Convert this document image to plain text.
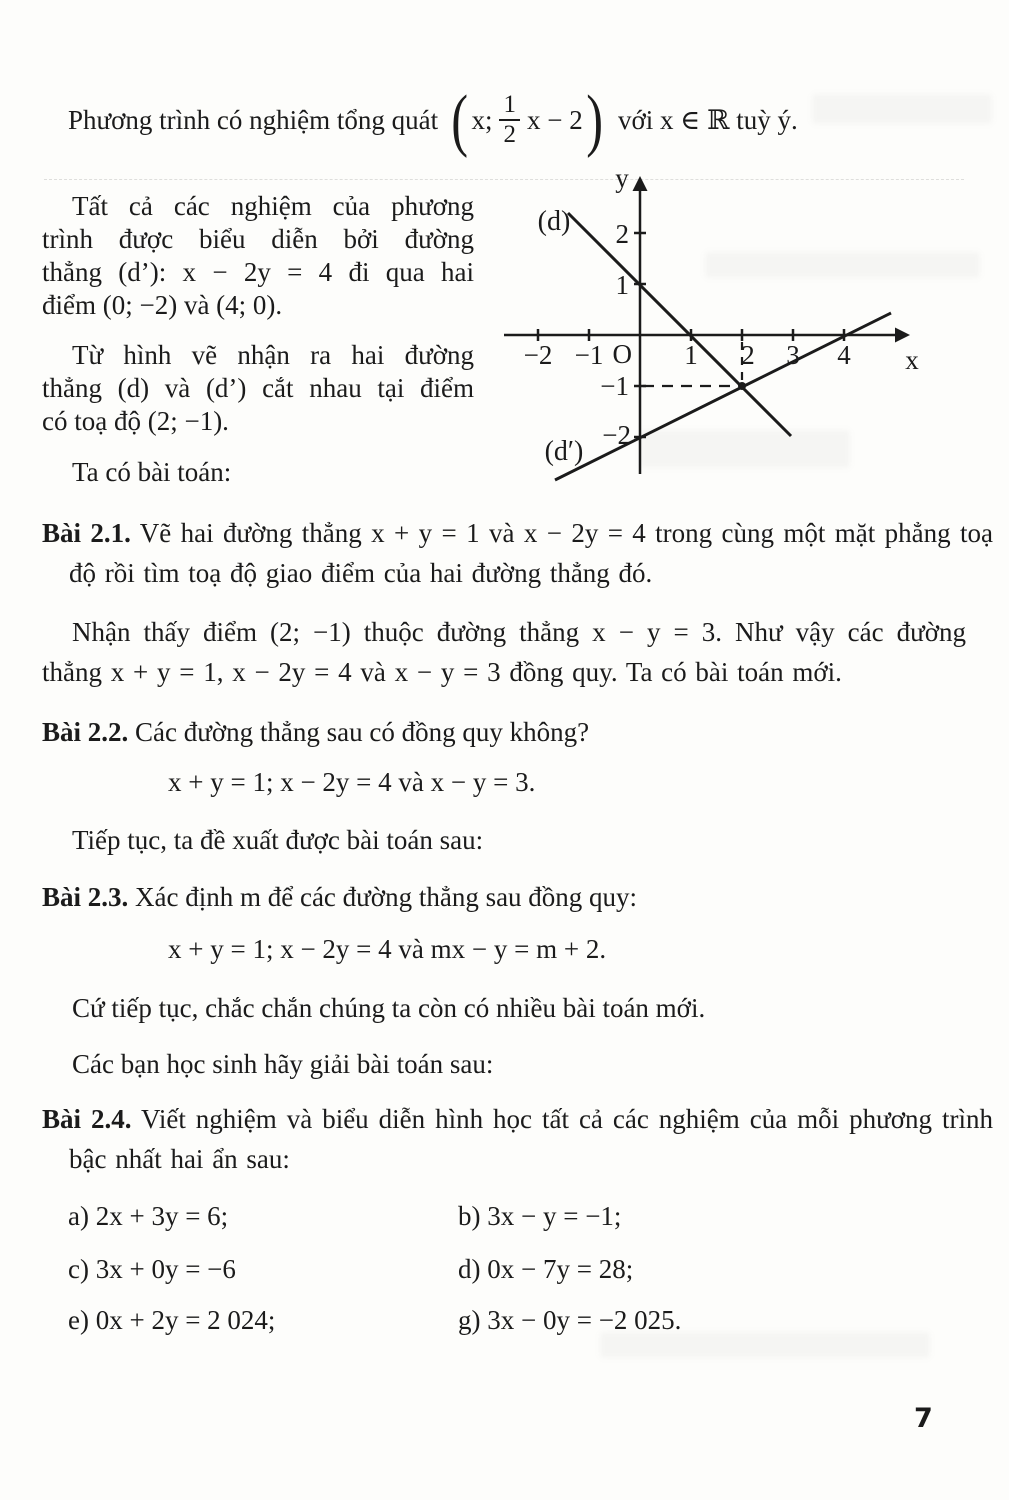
Phương trình có nghiệm tổng quát ( x; $\frac{1}{2}$ x − 2 ) với x ∈ ℝ tuỳ ý.
Tất cả các nghiệm của phương
trình được biểu diễn bởi đường
thẳng (d’): x − 2y = 4 đi qua hai
điểm (0; −2) và (4; 0).
Từ hình vẽ nhận ra hai đường
thẳng (d) và (d’) cắt nhau tại điểm
có toạ độ (2; −1).
Ta có bài toán:
y
x
O
−2 −1	1 2 3 4
2
1
−1
−2
(d)
(d′)
Bài 2.1. Vẽ hai đường thẳng x + y = 1 và x − 2y = 4 trong cùng một mặt phẳng toạ độ rồi tìm toạ độ giao điểm của hai đường thẳng đó.
Nhận thấy điểm (2; −1) thuộc đường thẳng x − y = 3. Như vậy các đường thẳng x + y = 1, x − 2y = 4 và x − y = 3 đồng quy. Ta có bài toán mới.
Bài 2.2. Các đường thẳng sau có đồng quy không?
x + y = 1; x − 2y = 4 và x − y = 3.
Tiếp tục, ta đề xuất được bài toán sau:
Bài 2.3. Xác định m để các đường thẳng sau đồng quy:
x + y = 1; x − 2y = 4 và mx − y = m + 2.
Cứ tiếp tục, chắc chắn chúng ta còn có nhiều bài toán mới.
Các bạn học sinh hãy giải bài toán sau:
Bài 2.4. Viết nghiệm và biểu diễn hình học tất cả các nghiệm của mỗi phương trình bậc nhất hai ẩn sau:
a) 2x + 3y = 6;	b) 3x − y = −1;
c) 3x + 0y = −6	d) 0x − 7y = 28;
e) 0x + 2y = 2 024;	g) 3x − 0y = −2 025.
7
